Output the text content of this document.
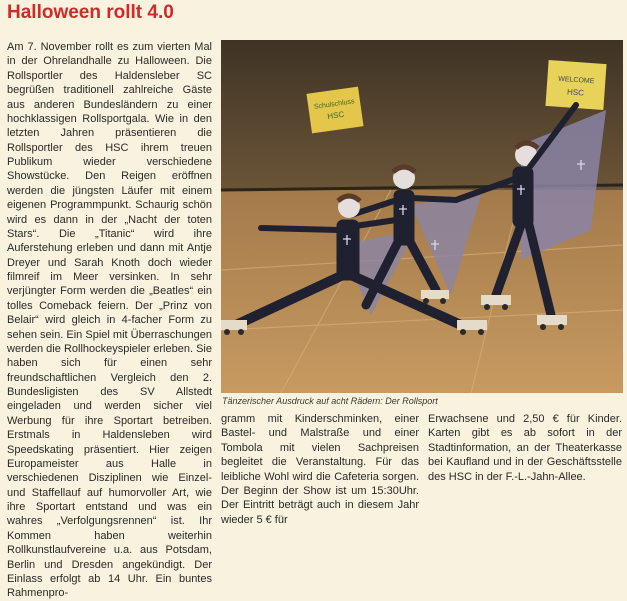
Halloween rollt 4.0

Am 7. November rollt es zum vierten Mal in der Ohrelandhalle zu Halloween. Die Rollsportler des Haldensleber SC begrüßen traditionell zahlreiche Gäste aus anderen Bundesländern zu einer hochklassigen Rollsportgala. Wie in den letzten Jahren präsentieren die Rollsportler des HSC ihrem treuen Publikum wieder verschiedene Showstücke. Den Reigen eröffnen werden die jüngsten Läufer mit einem eigenen Programmpunkt. Schaurig schön wird es dann in der „Nacht der toten Stars“. Die „Titanic“ wird ihre Auferstehung erleben und dann mit Antje Dreyer und Sarah Knoth doch wieder filmreif im Meer versinken. In sehr verjüngter Form werden die „Beatles“ ein tolles Comeback feiern. Der „Prinz von Belair“ wird gleich in 4-facher Form zu sehen sein. Ein Spiel mit Überraschungen werden die Rollhockeyspieler erleben. Sie haben sich für einen sehr freundschaftlichen Vergleich den 2. Bundesligisten des SV Allstedt eingeladen und werden sicher viel Werbung für ihre Sportart betreiben. Erstmals in Haldensleben wird Speedskating präsentiert. Hier zeigen Europameister aus Halle in verschiedenen Disziplinen wie Einzel- und Staffellauf auf humorvoller Art, wie ihre Sportart entstand und was ein wahres „Verfolgungsrennen“ ist. Ihr Kommen haben weiterhin Rollkunstlaufvereine u.a. aus Potsdam, Berlin und Dresden angekündigt. Der Einlass erfolgt ab 14 Uhr. Ein buntes Rahmenpro-

Schulschluss
HSC
WELCOME
HSC
Tänzerischer Ausdruck auf acht Rädern: Der Rollsport

gramm mit Kinderschminken, einer Bastel- und Malstraße und einer Tombola mit vielen Sachpreisen begleitet die Veranstaltung. Für das leibliche Wohl wird die Cafeteria sorgen. Der Beginn der Show ist um 15:30Uhr. Der Eintritt beträgt auch in diesem Jahr wieder 5 € für

Erwachsene und 2,50 € für Kinder. Karten gibt es ab sofort in der Stadtinformation, an der Theaterkasse bei Kaufland und in der Geschäftsstelle des HSC in der F.-L.-Jahn-Allee.
